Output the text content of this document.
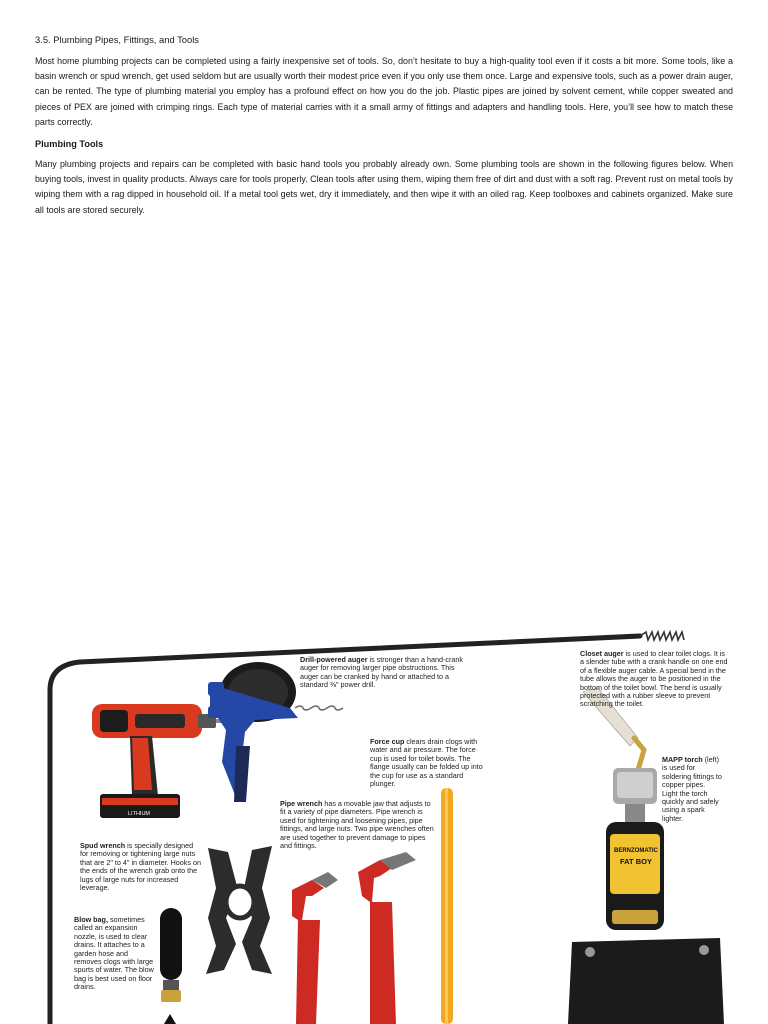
3.5. Plumbing Pipes, Fittings, and Tools

Most home plumbing projects can be completed using a fairly inexpensive set of tools. So, don’t hesitate to buy a high-quality tool even if it costs a bit more. Some tools, like a basin wrench or spud wrench, get used seldom but are usually worth their modest price even if you only use them once. Large and expensive tools, such as a power drain auger, can be rented. The type of plumbing material you employ has a profound effect on how you do the job. Plastic pipes are joined by solvent cement, while copper sweated and pieces of PEX are joined with crimping rings. Each type of material carries with it a small army of fittings and adapters and handling tools. Here, you’ll see how to match these parts correctly.

Plumbing Tools

Many plumbing projects and repairs can be completed with basic hand tools you probably already own. Some plumbing tools are shown in the following figures below. When buying tools, invest in quality products. Always care for tools properly. Clean tools after using them, wiping them free of dirt and dust with a soft rag. Prevent rust on metal tools by wiping them with a rag dipped in household oil. If a metal tool gets wet, dry it immediately, and then wipe it with an oiled rag. Keep toolboxes and cabinets organized. Make sure all tools are stored securely.

LITHIUM
BERNZOMATIC
FAT BOY
Drill-powered auger is stronger than a hand-crank auger for removing larger pipe obstructions. This auger can be cranked by hand or attached to a standard ⅜" power drill.
Closet auger is used to clear toilet clogs. It is a slender tube with a crank handle on one end of a flexible auger cable. A special bend in the tube allows the auger to be positioned in the bottom of the toilet bowl. The bend is usually protected with a rubber sleeve to prevent scratching the toilet.
Force cup clears drain clogs with water and air pressure. The force cup is used for toilet bowls. The flange usually can be folded up into the cup for use as a standard plunger.
MAPP torch (left) is used for soldering fittings to copper pipes. Light the torch quickly and safely using a spark lighter.
Pipe wrench has a movable jaw that adjusts to fit a variety of pipe diameters. Pipe wrench is used for tightening and loosening pipes, pipe fittings, and large nuts. Two pipe wrenches often are used together to prevent damage to pipes and fittings.
Spud wrench is specially designed for removing or tightening large nuts that are 2" to 4" in diameter. Hooks on the ends of the wrench grab onto the lugs of large nuts for increased leverage.
Blow bag, sometimes called an expansion nozzle, is used to clear drains. It attaches to a garden hose and removes clogs with large spurts of water. The blow bag is best used on floor drains.
